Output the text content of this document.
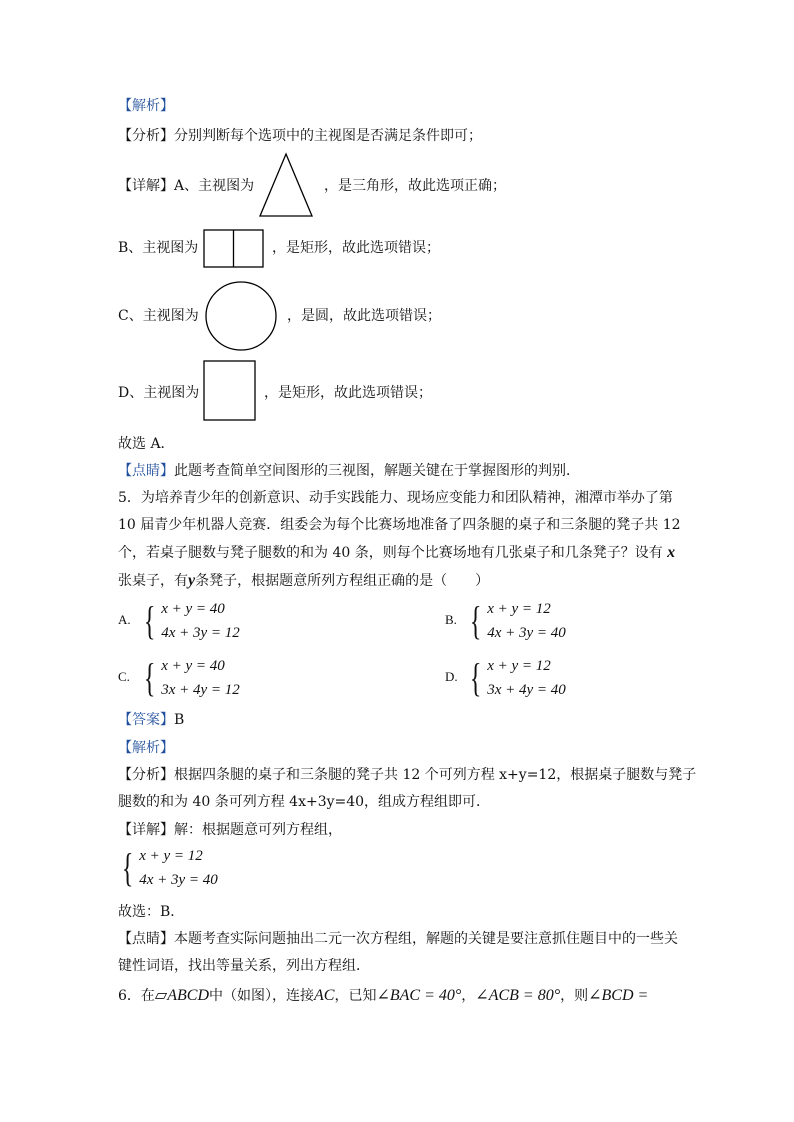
【解析】
【分析】分别判断每个选项中的主视图是否满足条件即可；
【详解】A、主视图为	，是三角形，故此选项正确；
B、主视图为	，是矩形，故此选项错误；
C、主视图为	，是圆，故此选项错误；
D、主视图为	，是矩形，故此选项错误；
故选 A．
【点睛】此题考查简单空间图形的三视图，解题关键在于掌握图形的判别．
5．为培养青少年的创新意识、动手实践能力、现场应变能力和团队精神，湘潭市举办了第
10 届青少年机器人竞赛．组委会为每个比赛场地准备了四条腿的桌子和三条腿的凳子共 12
个，若桌子腿数与凳子腿数的和为 40 条，则每个比赛场地有几张桌子和几条凳子？设有 x
张桌子，有y条凳子，根据题意所列方程组正确的是（　　）
A. { x + y = 40
4x + 3y = 12
B. { x + y = 12
4x + 3y = 40
C. { x + y = 40
3x + 4y = 12
D. { x + y = 12
3x + 4y = 40
【答案】B
【解析】
【分析】根据四条腿的桌子和三条腿的凳子共 12 个可列方程 x+y=12，根据桌子腿数与凳子
腿数的和为 40 条可列方程 4x+3y=40，组成方程组即可．
【详解】解：根据题意可列方程组，
{ x + y = 12
4x + 3y = 40
故选：B．
【点睛】本题考查实际问题抽出二元一次方程组，解题的关键是要注意抓住题目中的一些关
键性词语，找出等量关系，列出方程组．
6．在▱ABCD中（如图），连接AC，已知∠BAC = 40°，∠ACB = 80°，则∠BCD =
